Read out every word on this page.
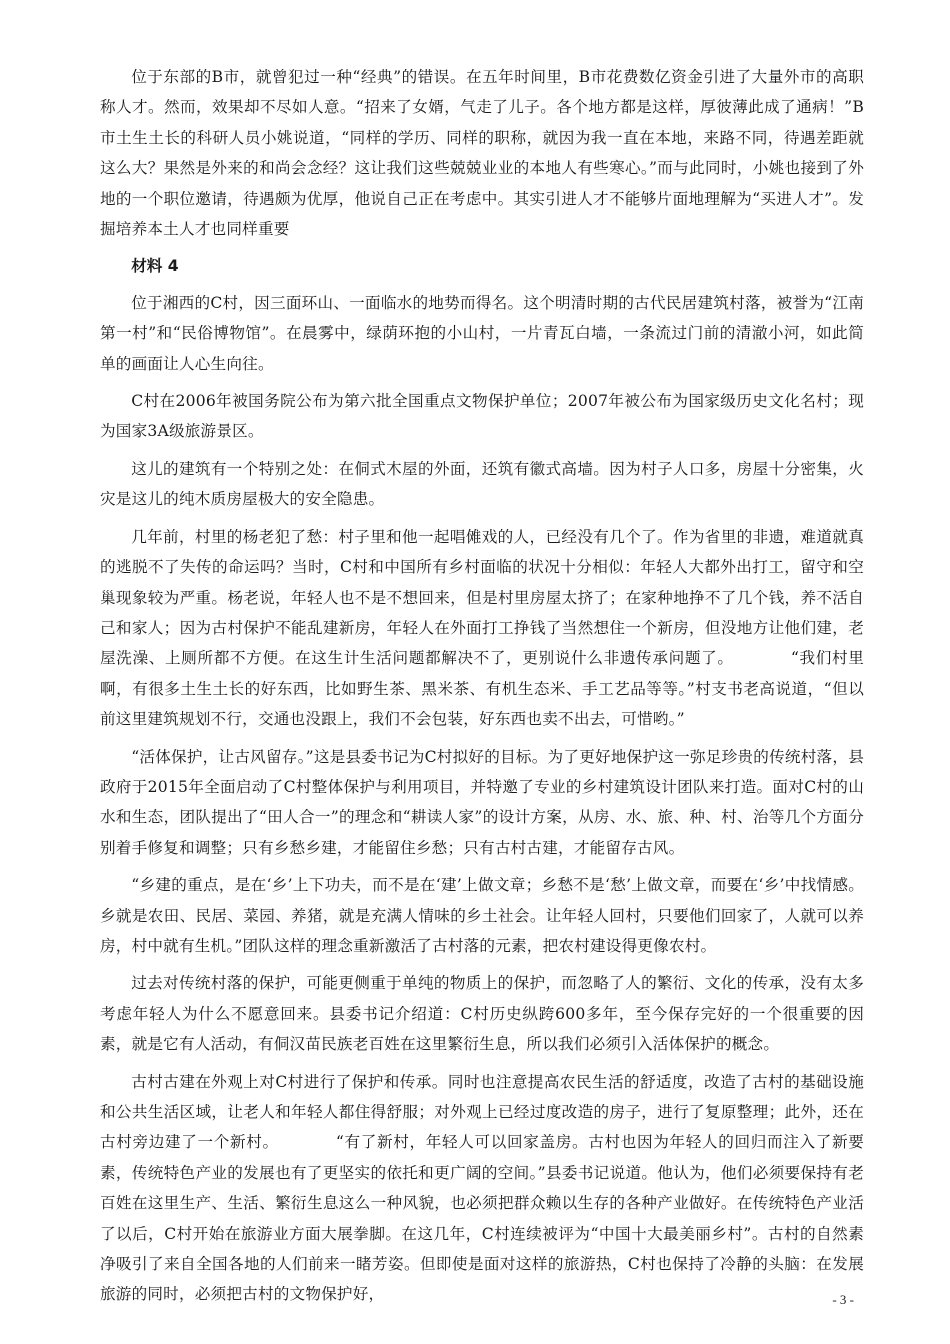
位于东部的B市，就曾犯过一种“经典”的错误。在五年时间里，B市花费数亿资金引进了大量外市的高职称人才。然而，效果却不尽如人意。“招来了女婿，气走了儿子。各个地方都是这样，厚彼薄此成了通病！”B市土生土长的科研人员小姚说道，“同样的学历、同样的职称，就因为我一直在本地，来路不同，待遇差距就这么大？果然是外来的和尚会念经？这让我们这些兢兢业业的本地人有些寒心。”而与此同时，小姚也接到了外地的一个职位邀请，待遇颇为优厚，他说自己正在考虑中。其实引进人才不能够片面地理解为“买进人才”。发掘培养本土人才也同样重要

材料 4

位于湘西的C村，因三面环山、一面临水的地势而得名。这个明清时期的古代民居建筑村落，被誉为“江南第一村”和“民俗博物馆”。在晨雾中，绿荫环抱的小山村，一片青瓦白墙，一条流过门前的清澈小河，如此简单的画面让人心生向往。

C村在2006年被国务院公布为第六批全国重点文物保护单位；2007年被公布为国家级历史文化名村；现为国家3A级旅游景区。

这儿的建筑有一个特别之处：在侗式木屋的外面，还筑有徽式高墙。因为村子人口多，房屋十分密集，火灾是这儿的纯木质房屋极大的安全隐患。

几年前，村里的杨老犯了愁：村子里和他一起唱傩戏的人，已经没有几个了。作为省里的非遗，难道就真的逃脱不了失传的命运吗？当时，C村和中国所有乡村面临的状况十分相似：年轻人大都外出打工，留守和空巢现象较为严重。杨老说，年轻人也不是不想回来，但是村里房屋太挤了；在家种地挣不了几个钱，养不活自己和家人；因为古村保护不能乱建新房，年轻人在外面打工挣钱了当然想住一个新房，但没地方让他们建，老屋洗澡、上厕所都不方便。在这生计生活问题都解决不了，更别说什么非遗传承问题了。　　　　“我们村里啊，有很多土生土长的好东西，比如野生茶、黑米茶、有机生态米、手工艺品等等。”村支书老高说道，“但以前这里建筑规划不行，交通也没跟上，我们不会包装，好东西也卖不出去，可惜哟。”

“活体保护，让古风留存。”这是县委书记为C村拟好的目标。为了更好地保护这一弥足珍贵的传统村落，县政府于2015年全面启动了C村整体保护与利用项目，并特邀了专业的乡村建筑设计团队来打造。面对C村的山水和生态，团队提出了“田人合一”的理念和“耕读人家”的设计方案，从房、水、旅、种、村、治等几个方面分别着手修复和调整；只有乡愁乡建，才能留住乡愁；只有古村古建，才能留存古风。

“乡建的重点，是在‘乡’上下功夫，而不是在‘建’上做文章；乡愁不是‘愁’上做文章，而要在‘乡’中找情感。乡就是农田、民居、菜园、养猪，就是充满人情味的乡土社会。让年轻人回村，只要他们回家了，人就可以养房，村中就有生机。”团队这样的理念重新激活了古村落的元素，把农村建设得更像农村。

过去对传统村落的保护，可能更侧重于单纯的物质上的保护，而忽略了人的繁衍、文化的传承，没有太多考虑年轻人为什么不愿意回来。县委书记介绍道：C村历史纵跨600多年，至今保存完好的一个很重要的因素，就是它有人活动，有侗汉苗民族老百姓在这里繁衍生息，所以我们必须引入活体保护的概念。

古村古建在外观上对C村进行了保护和传承。同时也注意提高农民生活的舒适度，改造了古村的基础设施和公共生活区域，让老人和年轻人都住得舒服；对外观上已经过度改造的房子，进行了复原整理；此外，还在古村旁边建了一个新村。　　　　“有了新村，年轻人可以回家盖房。古村也因为年轻人的回归而注入了新要素，传统特色产业的发展也有了更坚实的依托和更广阔的空间。”县委书记说道。他认为，他们必须要保持有老百姓在这里生产、生活、繁衍生息这么一种风貌，也必须把群众赖以生存的各种产业做好。在传统特色产业活了以后，C村开始在旅游业方面大展拳脚。在这几年，C村连续被评为“中国十大最美丽乡村”。古村的自然素净吸引了来自全国各地的人们前来一睹芳姿。但即使是面对这样的旅游热，C村也保持了冷静的头脑：在发展旅游的同时，必须把古村的文物保护好，	- 3 -
